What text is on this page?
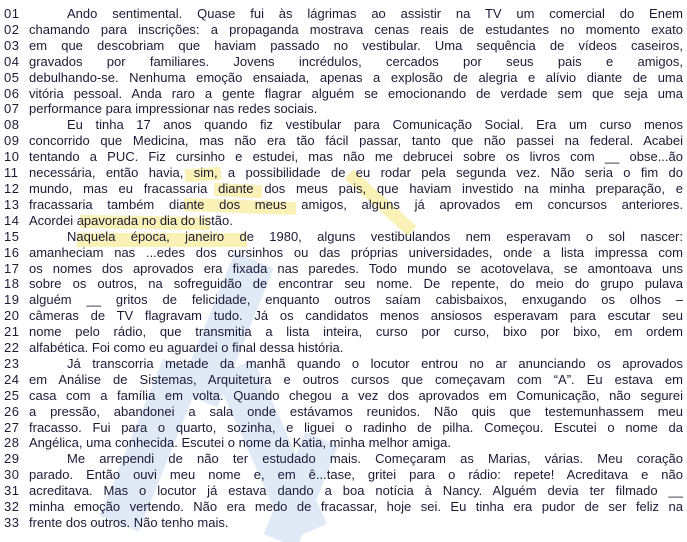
01	Ando sentimental. Quase fui às lágrimas ao assistir na TV um comercial do Enem
02 chamando para inscrições: a propaganda mostrava cenas reais de estudantes no momento exato
03 em que descobriam que haviam passado no vestibular. Uma sequência de vídeos caseiros,
04 gravados por familiares. Jovens incrédulos, cercados por seus pais e amigos,
05 debulhando-se. Nenhuma emoção ensaiada, apenas a explosão de alegria e alívio diante de uma
06 vitória pessoal. Anda raro a gente flagrar alguém se emocionando de verdade sem que seja uma
07 performance para impressionar nas redes sociais.
08	Eu tinha 17 anos quando fiz vestibular para Comunicação Social. Era um curso menos
09 concorrido que Medicina, mas não era tão fácil passar, tanto que não passei na federal. Acabei
10 tentando a PUC. Fiz cursinho e estudei, mas não me debrucei sobre os livros com __ obse...ão
11 necessária, então havia, sim, a possibilidade de eu rodar pela segunda vez. Não seria o fim do
12 mundo, mas eu fracassaria diante dos meus pais, que haviam investido na minha preparação, e
13 fracassaria também diante dos meus amigos, alguns já aprovados em concursos anteriores.
14 Acordei apavorada no dia do listão.
15	Naquela época, janeiro de 1980, alguns vestibulandos nem esperavam o sol nascer:
16 amanheciam nas ...edes dos cursinhos ou das próprias universidades, onde a lista impressa com
17 os nomes dos aprovados era fixada nas paredes. Todo mundo se acotovelava, se amontoava uns
18 sobre os outros, na sofreguidão de encontrar seu nome. De repente, do meio do grupo pulava
19 alguém __ gritos de felicidade, enquanto outros saíam cabisbaixos, enxugando os olhos –
20 câmeras de TV flagravam tudo. Já os candidatos menos ansiosos esperavam para escutar seu
21 nome pelo rádio, que transmitia a lista inteira, curso por curso, bixo por bixo, em ordem
22 alfabética. Foi como eu aguardei o final dessa história.
23	Já transcorria metade da manhã quando o locutor entrou no ar anunciando os aprovados
24 em Análise de Sistemas, Arquitetura e outros cursos que começavam com “A”. Eu estava em
25 casa com a família em volta. Quando chegou a vez dos aprovados em Comunicação, não segurei
26 a pressão, abandonei a sala onde estávamos reunidos. Não quis que testemunhassem meu
27 fracasso. Fui para o quarto, sozinha, e liguei o radinho de pilha. Começou. Escutei o nome da
28 Angélica, uma conhecida. Escutei o nome da Katia, minha melhor amiga.
29	Me arrependi de não ter estudado mais. Começaram as Marias, várias. Meu coração
30 parado. Então ouvi meu nome e, em ê...tase, gritei para o rádio: repete! Acreditava e não
31 acreditava. Mas o locutor já estava dando a boa notícia à Nancy. Alguém devia ter filmado __
32 minha emoção vertendo. Não era medo de fracassar, hoje sei. Eu tinha era pudor de ser feliz na
33 frente dos outros. Não tenho mais.
